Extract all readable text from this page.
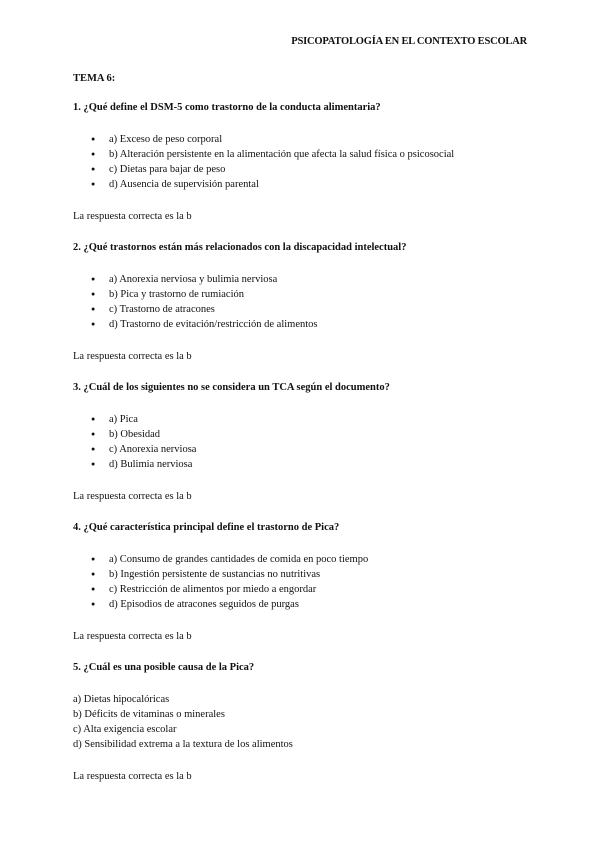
PSICOPATOLOGÍA EN EL CONTEXTO ESCOLAR
TEMA 6:
1. ¿Qué define el DSM-5 como trastorno de la conducta alimentaria?
● a) Exceso de peso corporal
● b) Alteración persistente en la alimentación que afecta la salud física o psicosocial
● c) Dietas para bajar de peso
● d) Ausencia de supervisión parental
La respuesta correcta es la b
2. ¿Qué trastornos están más relacionados con la discapacidad intelectual?
● a) Anorexia nerviosa y bulimia nerviosa
● b) Pica y trastorno de rumiación
● c) Trastorno de atracones
● d) Trastorno de evitación/restricción de alimentos
La respuesta correcta es la b
3. ¿Cuál de los siguientes no se considera un TCA según el documento?
● a) Pica
● b) Obesidad
● c) Anorexia nerviosa
● d) Bulimia nerviosa
La respuesta correcta es la b
4. ¿Qué característica principal define el trastorno de Pica?
● a) Consumo de grandes cantidades de comida en poco tiempo
● b) Ingestión persistente de sustancias no nutritivas
● c) Restricción de alimentos por miedo a engordar
● d) Episodios de atracones seguidos de purgas
La respuesta correcta es la b
5. ¿Cuál es una posible causa de la Pica?
a) Dietas hipocalóricas
b) Déficits de vitaminas o minerales
c) Alta exigencia escolar
d) Sensibilidad extrema a la textura de los alimentos
La respuesta correcta es la b
